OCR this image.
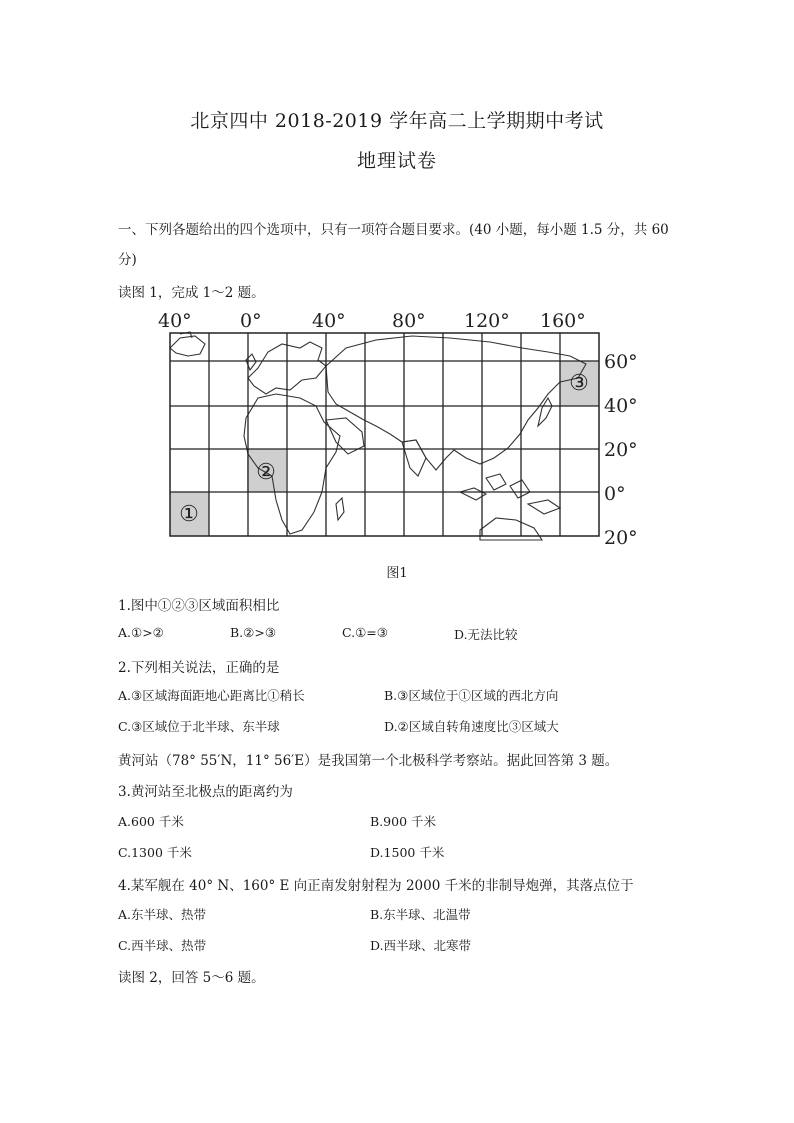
北京四中 2018-2019 学年高二上学期期中考试
地理试卷
一、下列各题给出的四个选项中，只有一项符合题目要求。(40 小题，每小题 1.5 分，共 60
分)
读图 1，完成 1～2 题。
40°	0°	40° 80° 120° 160°
60°
40°
20°
0°
20°
①
②
③
图1
1.图中①②③区域面积相比
A.①>②	B.②>③	C.①=③	D.无法比较
2.下列相关说法，正确的是
A.③区域海面距地心距离比①稍长	B.③区域位于①区域的西北方向
C.③区域位于北半球、东半球	D.②区域自转角速度比③区域大
黄河站（78° 55′N，11° 56′E）是我国第一个北极科学考察站。据此回答第 3 题。
3.黄河站至北极点的距离约为
A.600 千米	B.900 千米
C.1300 千米	D.1500 千米
4.某军舰在 40° N、160° E 向正南发射射程为 2000 千米的非制导炮弹，其落点位于
A.东半球、热带	B.东半球、北温带
C.西半球、热带	D.西半球、北寒带
读图 2，回答 5～6 题。
